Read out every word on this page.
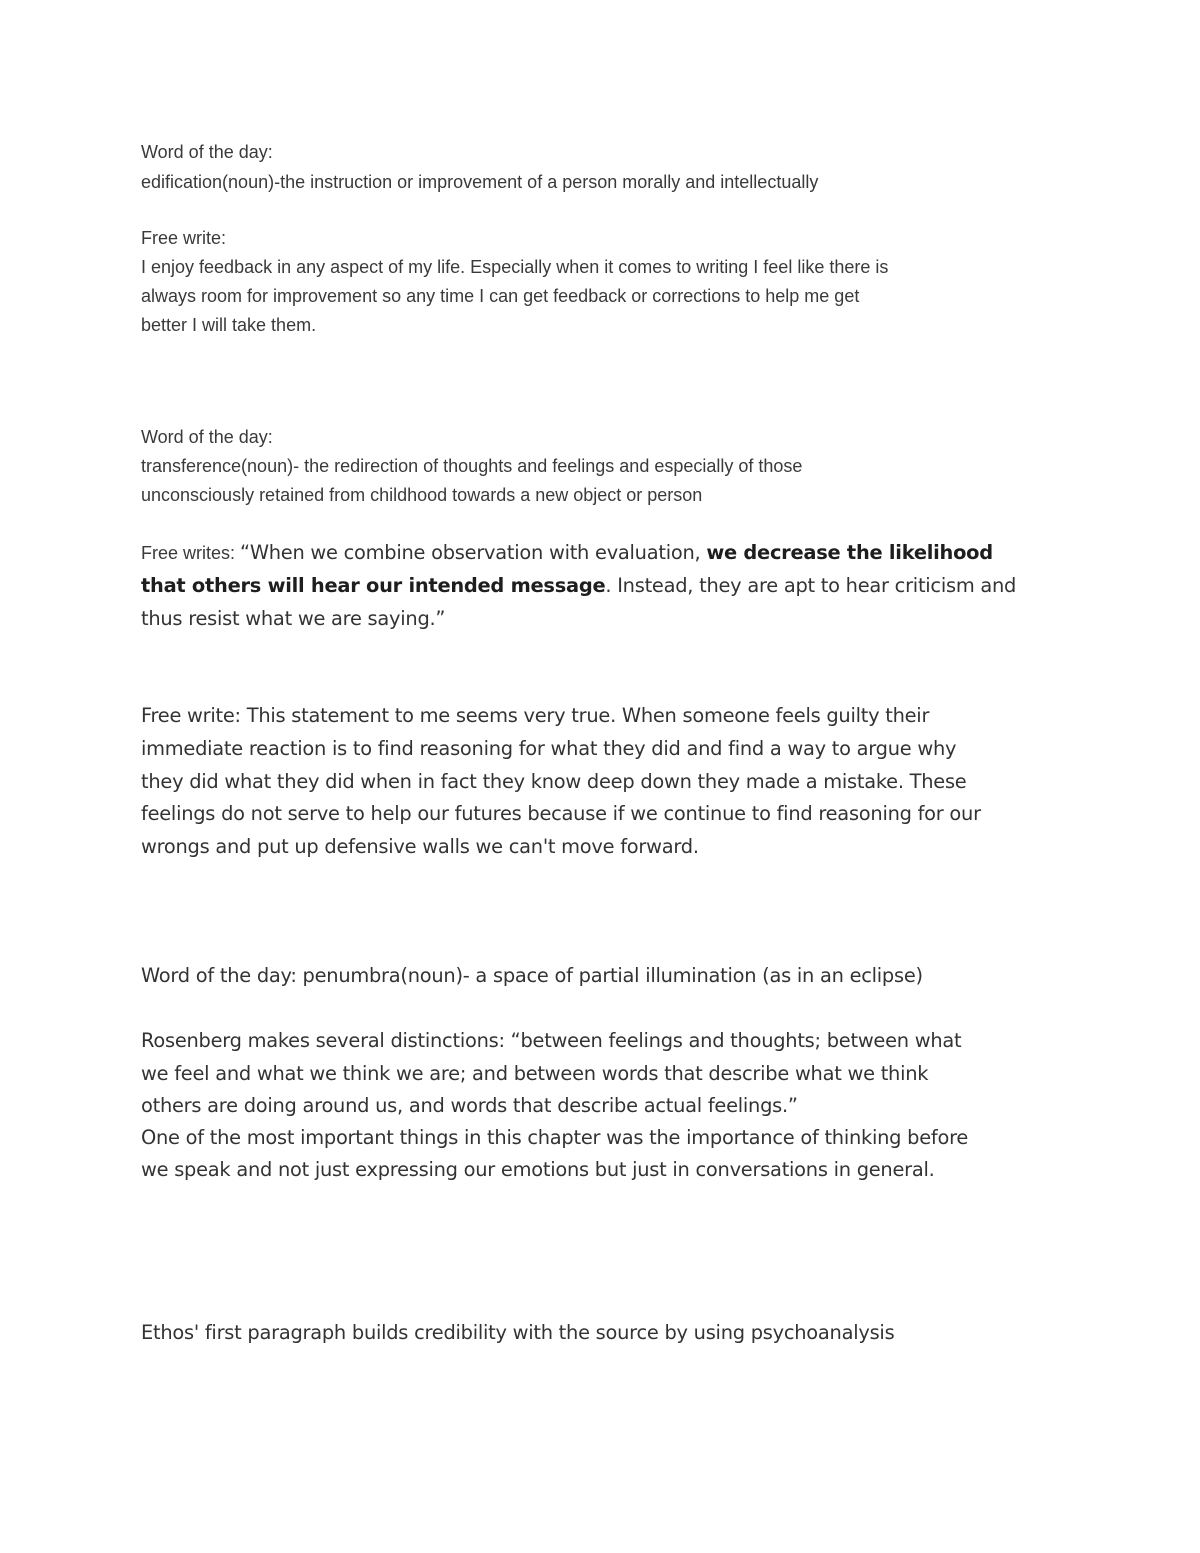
Word of the day:
edification(noun)-the instruction or improvement of a person morally and intellectually
Free write:
I enjoy feedback in any aspect of my life. Especially when it comes to writing I feel like there is
always room for improvement so any time I can get feedback or corrections to help me get
better I will take them.
Word of the day:
transference(noun)- the redirection of thoughts and feelings and especially of those
unconsciously retained from childhood towards a new object or person
Free writes: “When we combine observation with evaluation, we decrease the likelihood
that others will hear our intended message. Instead, they are apt to hear criticism and
thus resist what we are saying.”
Free write: This statement to me seems very true. When someone feels guilty their
immediate reaction is to find reasoning for what they did and find a way to argue why
they did what they did when in fact they know deep down they made a mistake. These
feelings do not serve to help our futures because if we continue to find reasoning for our
wrongs and put up defensive walls we can't move forward.
Word of the day: penumbra(noun)- a space of partial illumination (as in an eclipse)
Rosenberg makes several distinctions: “between feelings and thoughts; between what
we feel and what we think we are; and between words that describe what we think
others are doing around us, and words that describe actual feelings.”
One of the most important things in this chapter was the importance of thinking before
we speak and not just expressing our emotions but just in conversations in general.
Ethos' first paragraph builds credibility with the source by using psychoanalysis
